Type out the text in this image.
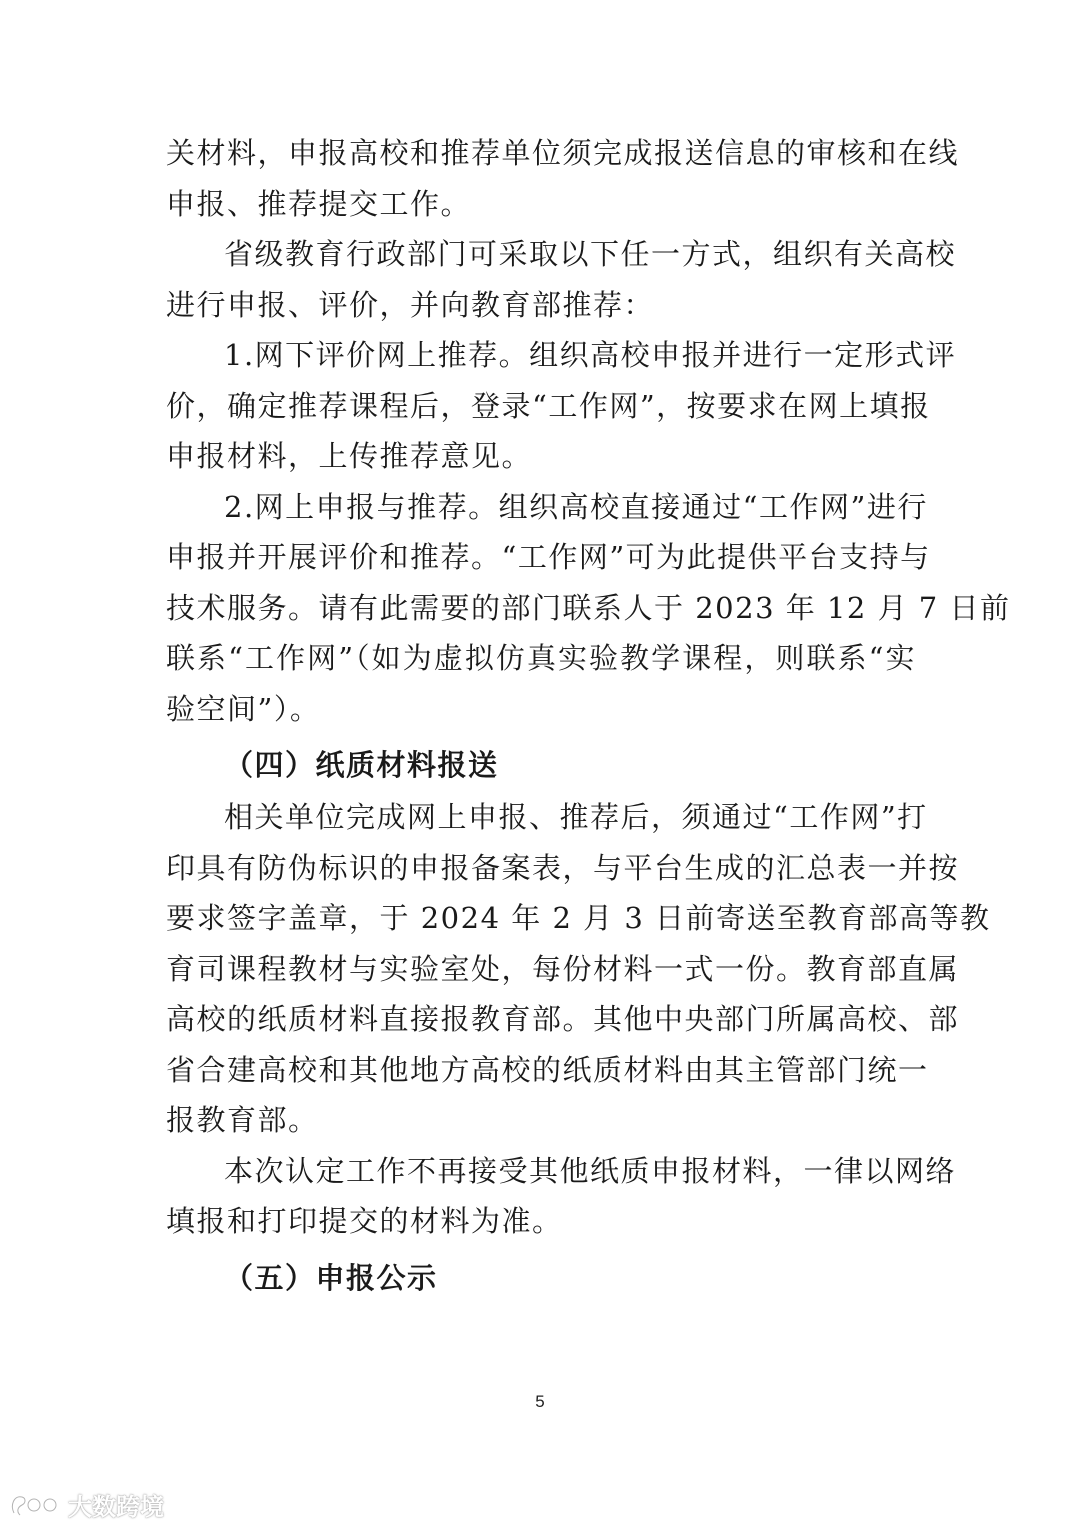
关材料，申报高校和推荐单位须完成报送信息的审核和在线
申报、推荐提交工作。
省级教育行政部门可采取以下任一方式，组织有关高校
进行申报、评价，并向教育部推荐：
1.网下评价网上推荐。组织高校申报并进行一定形式评
价，确定推荐课程后，登录“工作网”，按要求在网上填报
申报材料，上传推荐意见。
2.网上申报与推荐。组织高校直接通过“工作网”进行
申报并开展评价和推荐。“工作网”可为此提供平台支持与
技术服务。请有此需要的部门联系人于 2023 年 12 月 7 日前
联系“工作网”（如为虚拟仿真实验教学课程，则联系“实
验空间”）。
（四）纸质材料报送
相关单位完成网上申报、推荐后，须通过“工作网”打
印具有防伪标识的申报备案表，与平台生成的汇总表一并按
要求签字盖章，于 2024 年 2 月 3 日前寄送至教育部高等教
育司课程教材与实验室处，每份材料一式一份。教育部直属
高校的纸质材料直接报教育部。其他中央部门所属高校、部
省合建高校和其他地方高校的纸质材料由其主管部门统一
报教育部。
本次认定工作不再接受其他纸质申报材料，一律以网络
填报和打印提交的材料为准。
（五）申报公示
5
大数跨境
